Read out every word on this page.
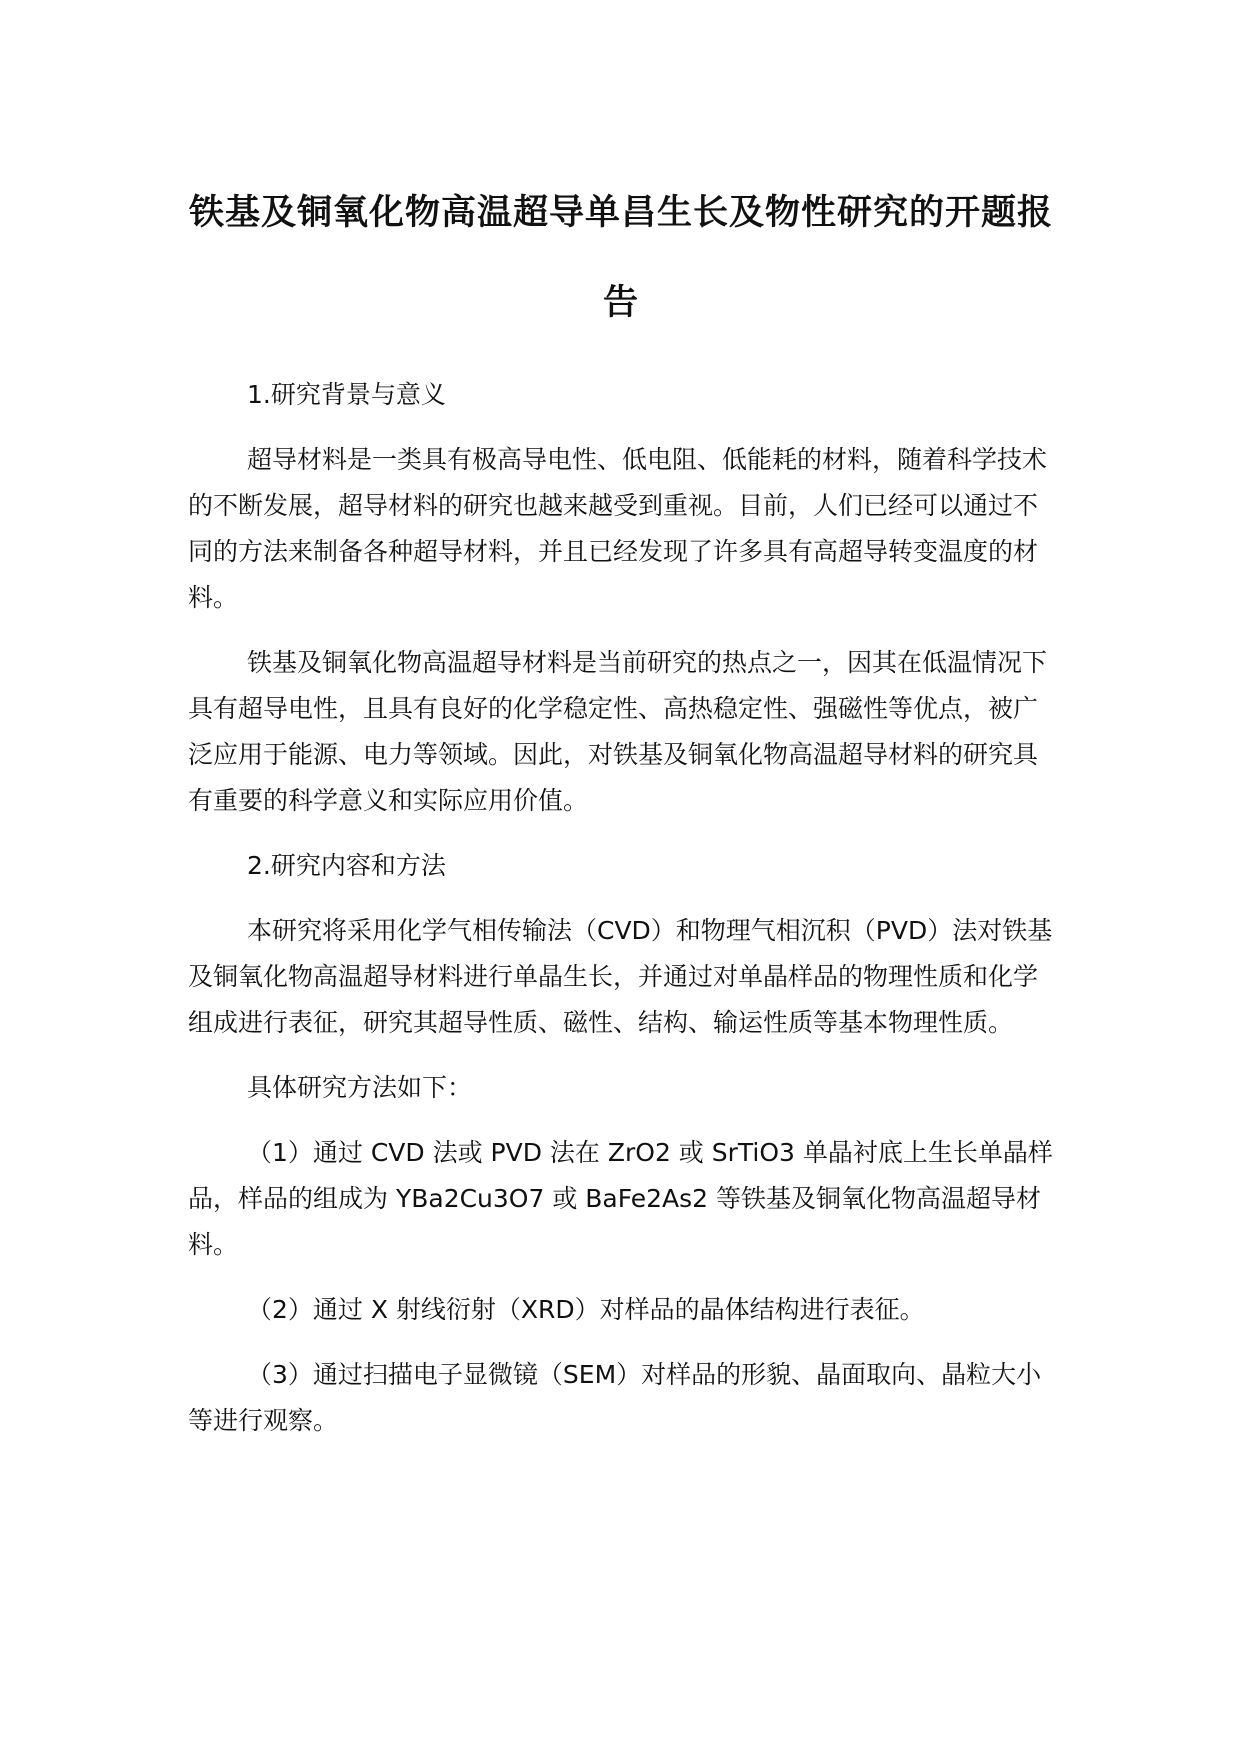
铁基及铜氧化物高温超导单昌生长及物性研究的开题报告

1.研究背景与意义

超导材料是一类具有极高导电性、低电阻、低能耗的材料，随着科学技术的不断发展，超导材料的研究也越来越受到重视。目前，人们已经可以通过不同的方法来制备各种超导材料，并且已经发现了许多具有高超导转变温度的材料。

铁基及铜氧化物高温超导材料是当前研究的热点之一，因其在低温情况下具有超导电性，且具有良好的化学稳定性、高热稳定性、强磁性等优点，被广泛应用于能源、电力等领域。因此，对铁基及铜氧化物高温超导材料的研究具有重要的科学意义和实际应用价值。

2.研究内容和方法

本研究将采用化学气相传输法（CVD）和物理气相沉积（PVD）法对铁基及铜氧化物高温超导材料进行单晶生长，并通过对单晶样品的物理性质和化学组成进行表征，研究其超导性质、磁性、结构、输运性质等基本物理性质。

具体研究方法如下：

（1）通过 CVD 法或 PVD 法在 ZrO2 或 SrTiO3 单晶衬底上生长单晶样品，样品的组成为 YBa2Cu3O7 或 BaFe2As2 等铁基及铜氧化物高温超导材料。

（2）通过 X 射线衍射（XRD）对样品的晶体结构进行表征。

（3）通过扫描电子显微镜（SEM）对样品的形貌、晶面取向、晶粒大小等进行观察。
